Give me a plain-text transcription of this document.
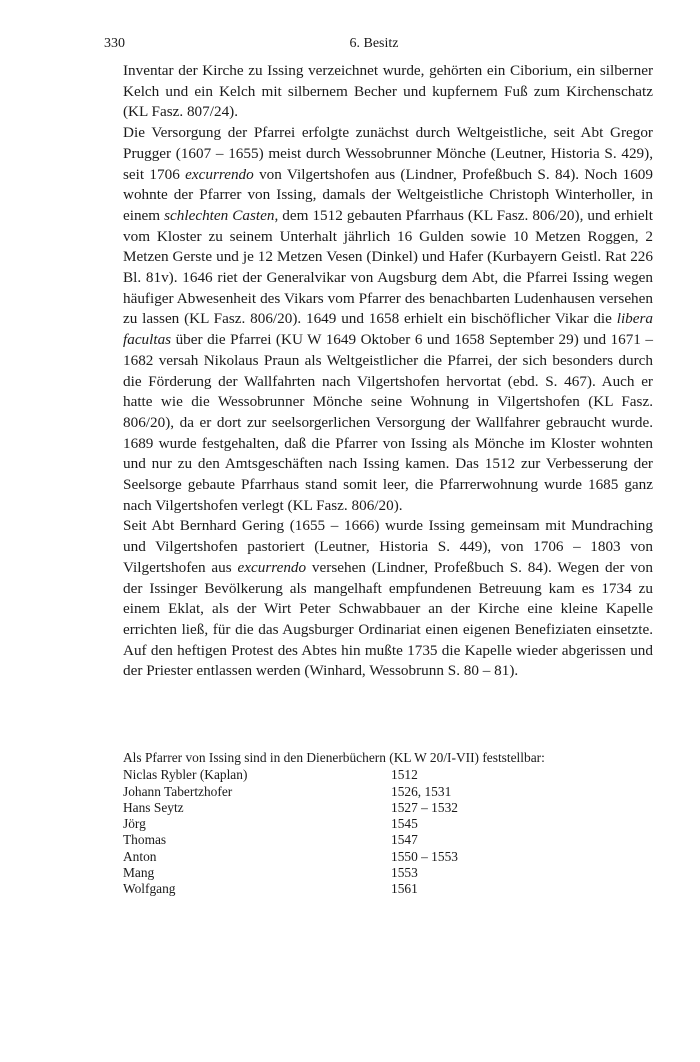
330	6. Besitz

Inventar der Kirche zu Issing verzeichnet wurde, gehörten ein Ciborium, ein silberner Kelch und ein Kelch mit silbernem Becher und kupfernem Fuß zum Kirchenschatz (KL Fasz. 807/24).

Die Versorgung der Pfarrei erfolgte zunächst durch Weltgeistliche, seit Abt Gregor Prugger (1607 – 1655) meist durch Wessobrunner Mönche (Leutner, Historia S. 429), seit 1706 excurrendo von Vilgertshofen aus (Lindner, Profeßbuch S. 84). Noch 1609 wohnte der Pfarrer von Issing, damals der Weltgeistliche Christoph Winterholler, in einem schlechten Casten, dem 1512 gebauten Pfarrhaus (KL Fasz. 806/20), und erhielt vom Kloster zu seinem Unterhalt jährlich 16 Gulden sowie 10 Metzen Roggen, 2 Metzen Gerste und je 12 Metzen Vesen (Dinkel) und Hafer (Kurbayern Geistl. Rat 226 Bl. 81v). 1646 riet der Generalvikar von Augsburg dem Abt, die Pfarrei Issing wegen häufiger Abwesenheit des Vikars vom Pfarrer des benachbarten Ludenhausen versehen zu lassen (KL Fasz. 806/20). 1649 und 1658 erhielt ein bischöflicher Vikar die libera facultas über die Pfarrei (KU W 1649 Oktober 6 und 1658 September 29) und 1671 – 1682 versah Nikolaus Praun als Weltgeistlicher die Pfarrei, der sich besonders durch die Förderung der Wallfahrten nach Vilgertshofen hervortat (ebd. S. 467). Auch er hatte wie die Wessobrunner Mönche seine Wohnung in Vilgertshofen (KL Fasz. 806/20), da er dort zur seelsorgerlichen Versorgung der Wallfahrer gebraucht wurde. 1689 wurde festgehalten, daß die Pfarrer von Issing als Mönche im Kloster wohnten und nur zu den Amtsgeschäften nach Issing kamen. Das 1512 zur Verbesserung der Seelsorge gebaute Pfarrhaus stand somit leer, die Pfarrerwohnung wurde 1685 ganz nach Vilgertshofen verlegt (KL Fasz. 806/20).

Seit Abt Bernhard Gering (1655 – 1666) wurde Issing gemeinsam mit Mundraching und Vilgertshofen pastoriert (Leutner, Historia S. 449), von 1706 – 1803 von Vilgertshofen aus excurrendo versehen (Lindner, Profeßbuch S. 84). Wegen der von der Issinger Bevölkerung als mangelhaft empfundenen Betreuung kam es 1734 zu einem Eklat, als der Wirt Peter Schwabbauer an der Kirche eine kleine Kapelle errichten ließ, für die das Augsburger Ordinariat einen eigenen Benefiziaten einsetzte. Auf den heftigen Protest des Abtes hin mußte 1735 die Kapelle wieder abgerissen und der Priester entlassen werden (Winhard, Wessobrunn S. 80 – 81).

Als Pfarrer von Issing sind in den Dienerbüchern (KL W 20/I-VII) feststellbar:

Niclas Rybler (Kaplan)	1512
Johann Tabertzhofer	1526, 1531
Hans Seytz	1527 – 1532
Jörg	1545
Thomas	1547
Anton	1550 – 1553
Mang	1553
Wolfgang	1561
